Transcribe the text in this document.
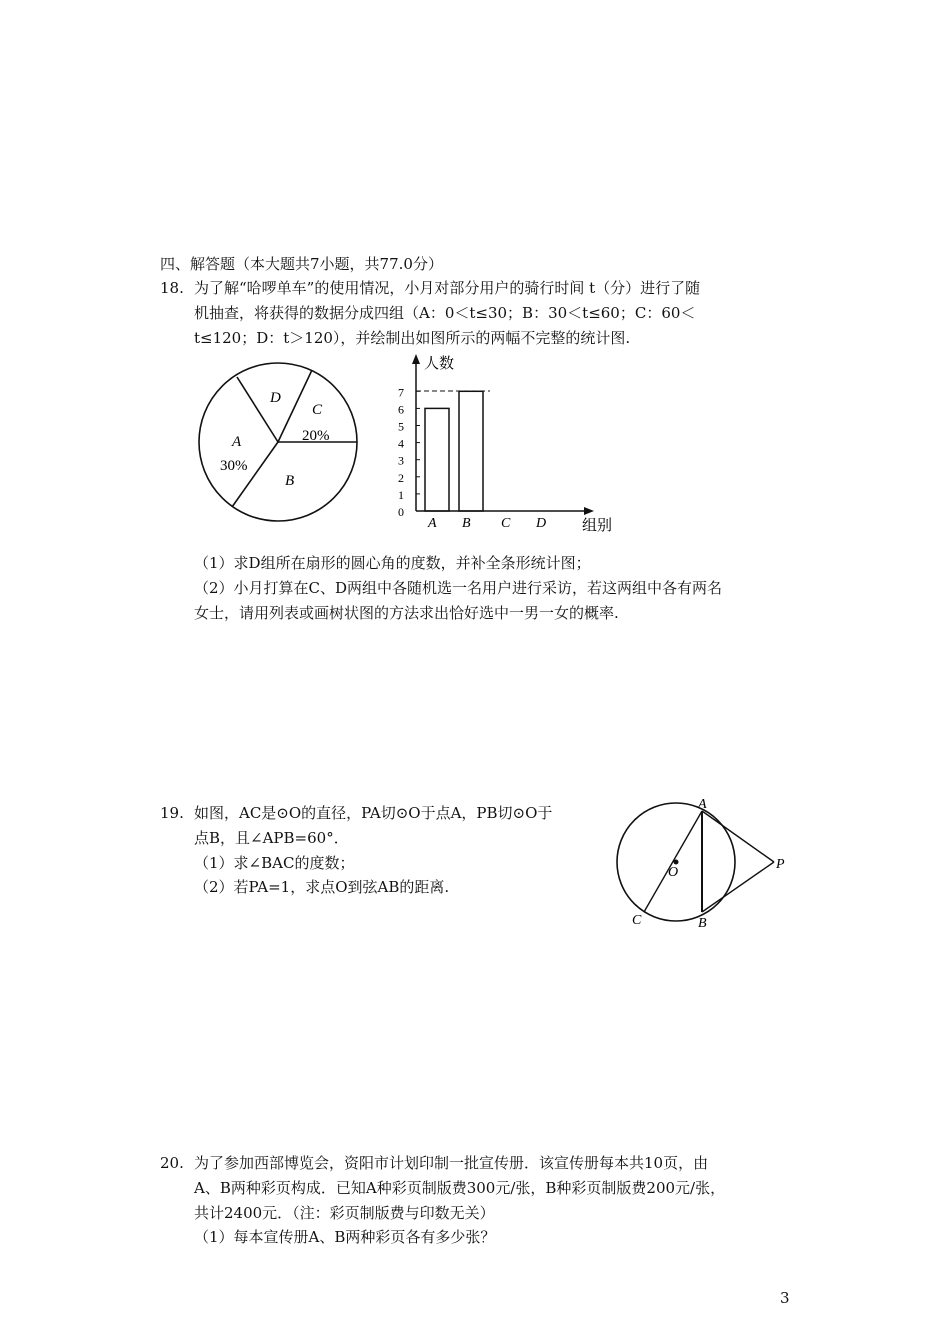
四、解答题（本大题共7小题，共77.0分）
18. 为了解“哈啰单车”的使用情况，小月对部分用户的骑行时间 t（分）进行了随
机抽查，将获得的数据分成四组（A：0＜t≤30；B：30＜t≤60；C：60＜
t≤120；D：t＞120），并绘制出如图所示的两幅不完整的统计图.
D
C
20%
A
30%
B
人数
组别
0
1
2
3
4
5
6
7
A B C D
（1）求D组所在扇形的圆心角的度数，并补全条形统计图；
（2）小月打算在C、D两组中各随机选一名用户进行采访，若这两组中各有两名
女士，请用列表或画树状图的方法求出恰好选中一男一女的概率.
19. 如图，AC是⊙O的直径，PA切⊙O于点A，PB切⊙O于
点B，且∠APB=60°．
（1）求∠BAC的度数；
（2）若PA=1，求点O到弦AB的距离.
A
B
C
O
P
20. 为了参加西部博览会，资阳市计划印制一批宣传册．该宣传册每本共10页，由
A、B两种彩页构成．已知A种彩页制版费300元/张，B种彩页制版费200元/张，
共计2400元．（注：彩页制版费与印数无关）
（1）每本宣传册A、B两种彩页各有多少张？
3
